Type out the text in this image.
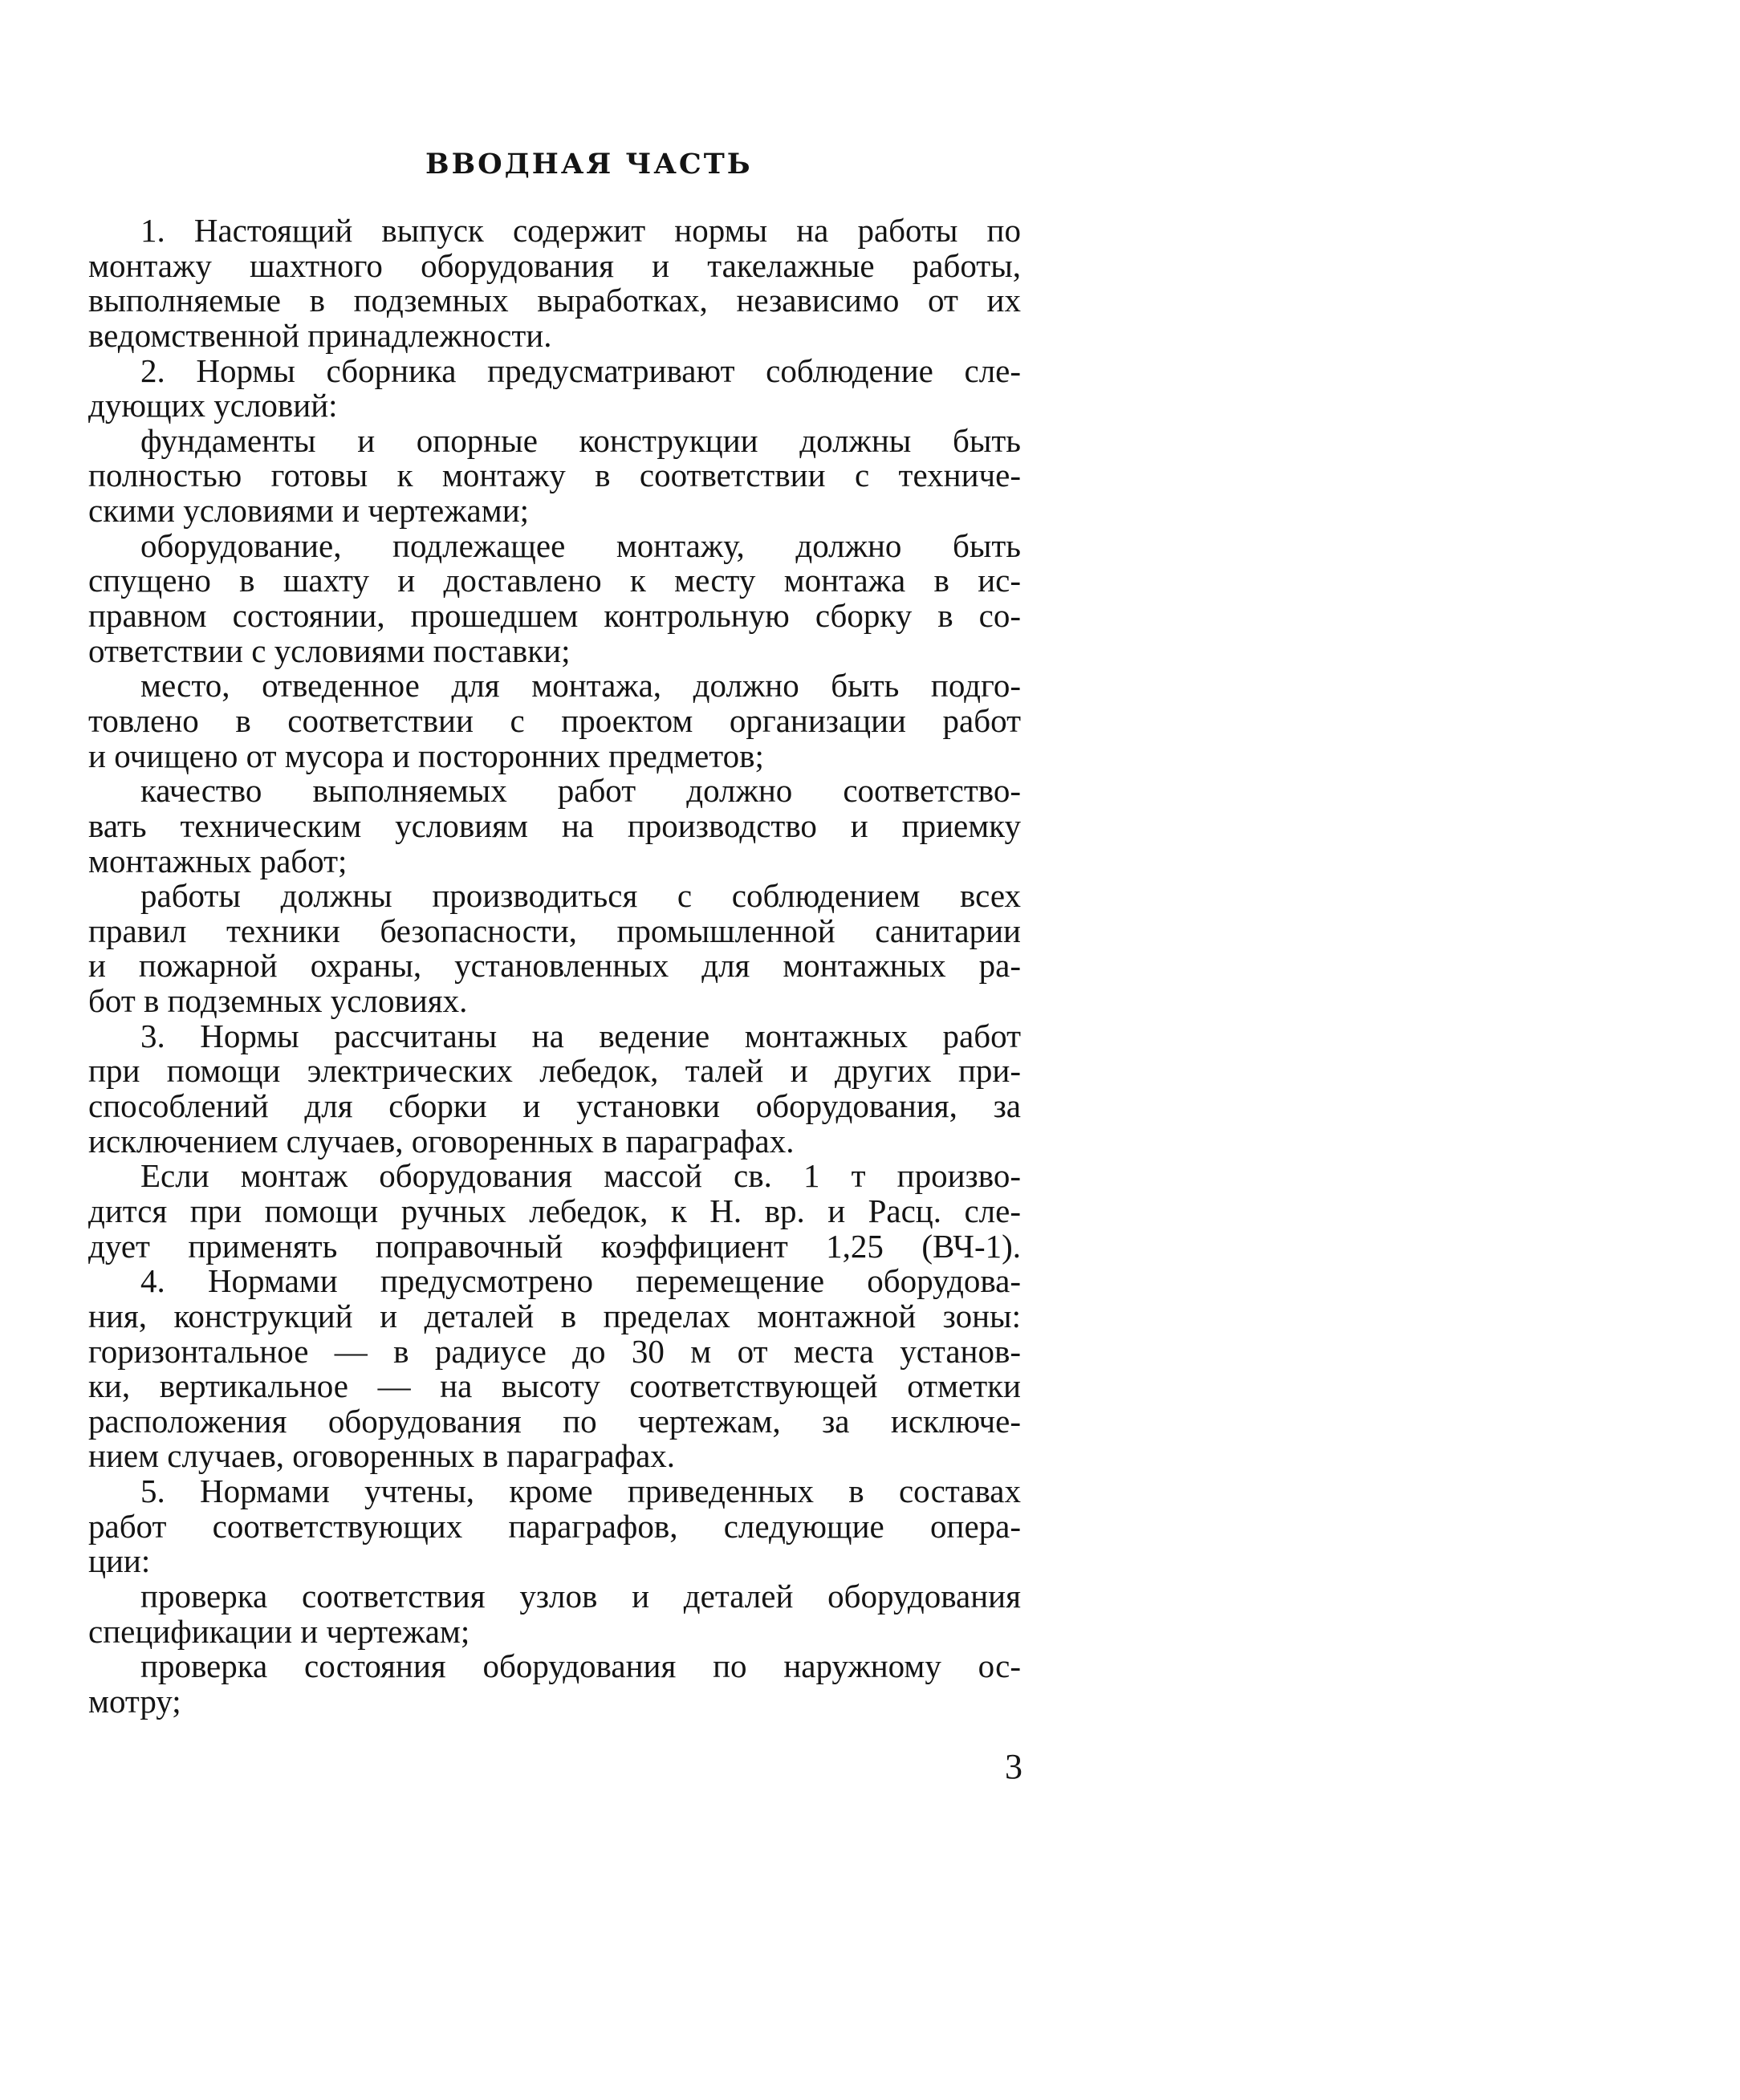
ВВОДНАЯ ЧАСТЬ
1. Настоящий выпуск содержит нормы на работы по
монтажу шахтного оборудования и такелажные работы,
выполняемые в подземных выработках, независимо от их
ведомственной принадлежности.
2. Нормы сборника предусматривают соблюдение сле-
дующих условий:
фундаменты и опорные конструкции должны быть
полностью готовы к монтажу в соответствии с техниче-
скими условиями и чертежами;
оборудование, подлежащее монтажу, должно быть
спущено в шахту и доставлено к месту монтажа в ис-
правном состоянии, прошедшем контрольную сборку в со-
ответствии с условиями поставки;
место, отведенное для монтажа, должно быть подго-
товлено в соответствии с проектом организации работ
и очищено от мусора и посторонних предметов;
качество выполняемых работ должно соответство-
вать техническим условиям на производство и приемку
монтажных работ;
работы должны производиться с соблюдением всех
правил техники безопасности, промышленной санитарии
и пожарной охраны, установленных для монтажных ра-
бот в подземных условиях.
3. Нормы рассчитаны на ведение монтажных работ
при помощи электрических лебедок, талей и других при-
способлений для сборки и установки оборудования, за
исключением случаев, оговоренных в параграфах.
Если монтаж оборудования массой св. 1 т произво-
дится при помощи ручных лебедок, к Н. вр. и Расц. сле-
дует применять поправочный коэффициент 1,25 (ВЧ-1).
4. Нормами предусмотрено перемещение оборудова-
ния, конструкций и деталей в пределах монтажной зоны:
горизонтальное — в радиусе до 30 м от места установ-
ки, вертикальное — на высоту соответствующей отметки
расположения оборудования по чертежам, за исключе-
нием случаев, оговоренных в параграфах.
5. Нормами учтены, кроме приведенных в составах
работ соответствующих параграфов, следующие опера-
ции:
проверка соответствия узлов и деталей оборудования
спецификации и чертежам;
проверка состояния оборудования по наружному ос-
мотру;
3
